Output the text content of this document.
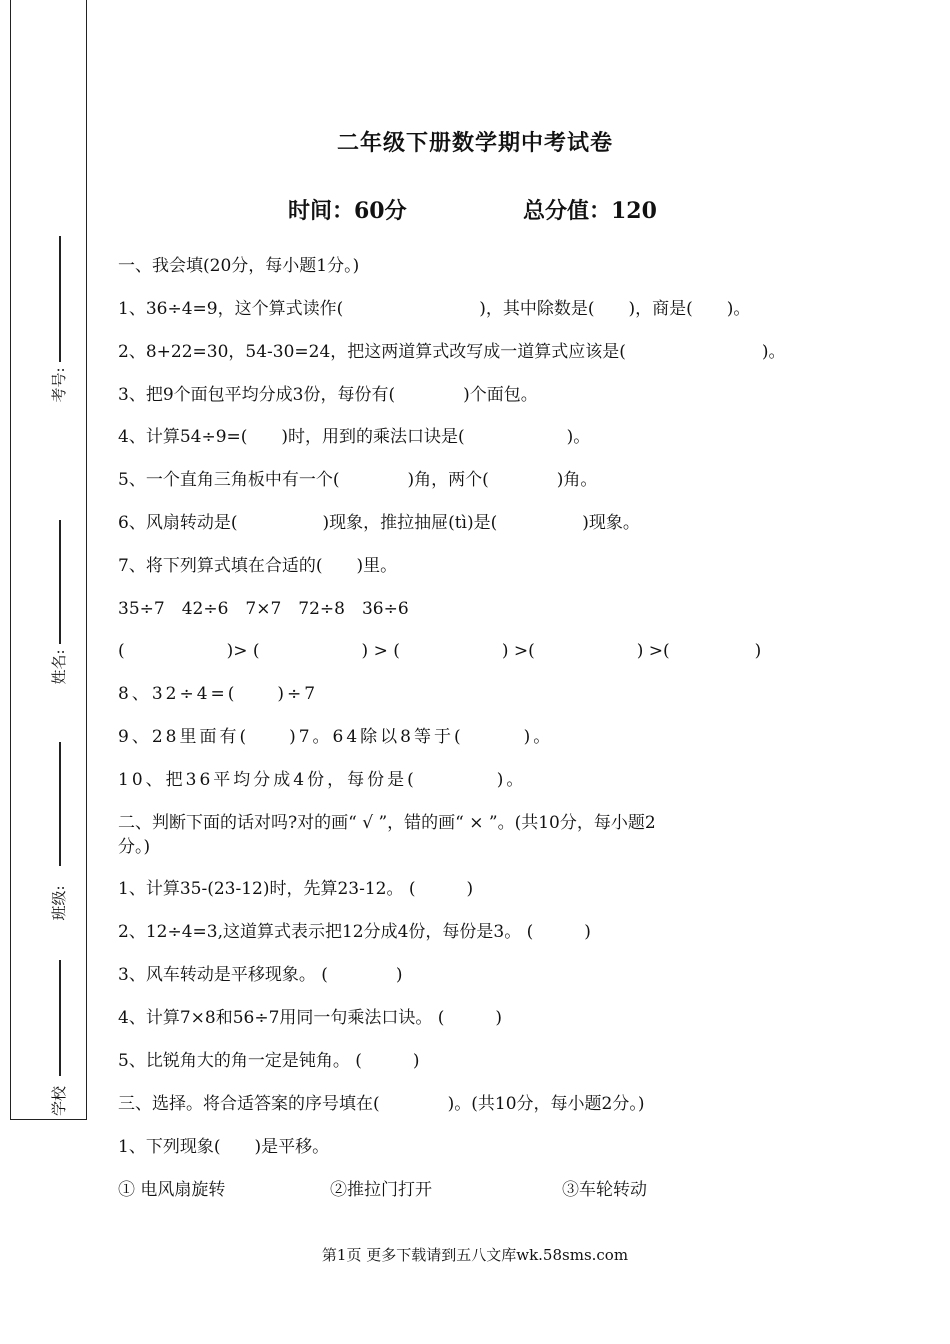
考号:
姓名:
班级:
学校
二年级下册数学期中考试卷
时间：60分	总分值：120
一、我会填(20分，每小题1分。)
1、36÷4=9，这个算式读作(　　　　　　　　)，其中除数是(　　)，商是(　　)。
2、8+22=30，54-30=24，把这两道算式改写成一道算式应该是(　　　　　　　　)。
3、把9个面包平均分成3份，每份有(　　　　)个面包。
4、计算54÷9=(　　)时，用到的乘法口诀是(　　　　　　)。
5、一个直角三角板中有一个(　　　　)角，两个(　　　　)角。
6、风扇转动是(　　　　　)现象，推拉抽屉(tì)是(　　　　　)现象。
7、将下列算式填在合适的(　　)里。
35÷7　42÷6　7×7　72÷8　36÷6
(　　　　　　)> (　　　　　　) > (　　　　　　) >(　　　　　　) >(　　　　　)
8、32÷4=(　　)÷7
9、28里面有(　　)7。64除以8等于(　　　)。
10、把36平均分成4份，每份是(　　　　)。
二、判断下面的话对吗?对的画“ √ ”，错的画“ × ”。(共10分，每小题2
分。)
1、计算35-(23-12)时，先算23-12。 (　　　)
2、12÷4=3,这道算式表示把12分成4份，每份是3。 (　　　)
3、风车转动是平移现象。 (　　　　)
4、计算7×8和56÷7用同一句乘法口诀。 (　　　)
5、比锐角大的角一定是钝角。 (　　　)
三、选择。将合适答案的序号填在(　　　　)。(共10分，每小题2分。)
1、下列现象(　　)是平移。
① 电风扇旋转	②推拉门打开	③车轮转动
第1页 更多下载请到五八文库wk.58sms.com
